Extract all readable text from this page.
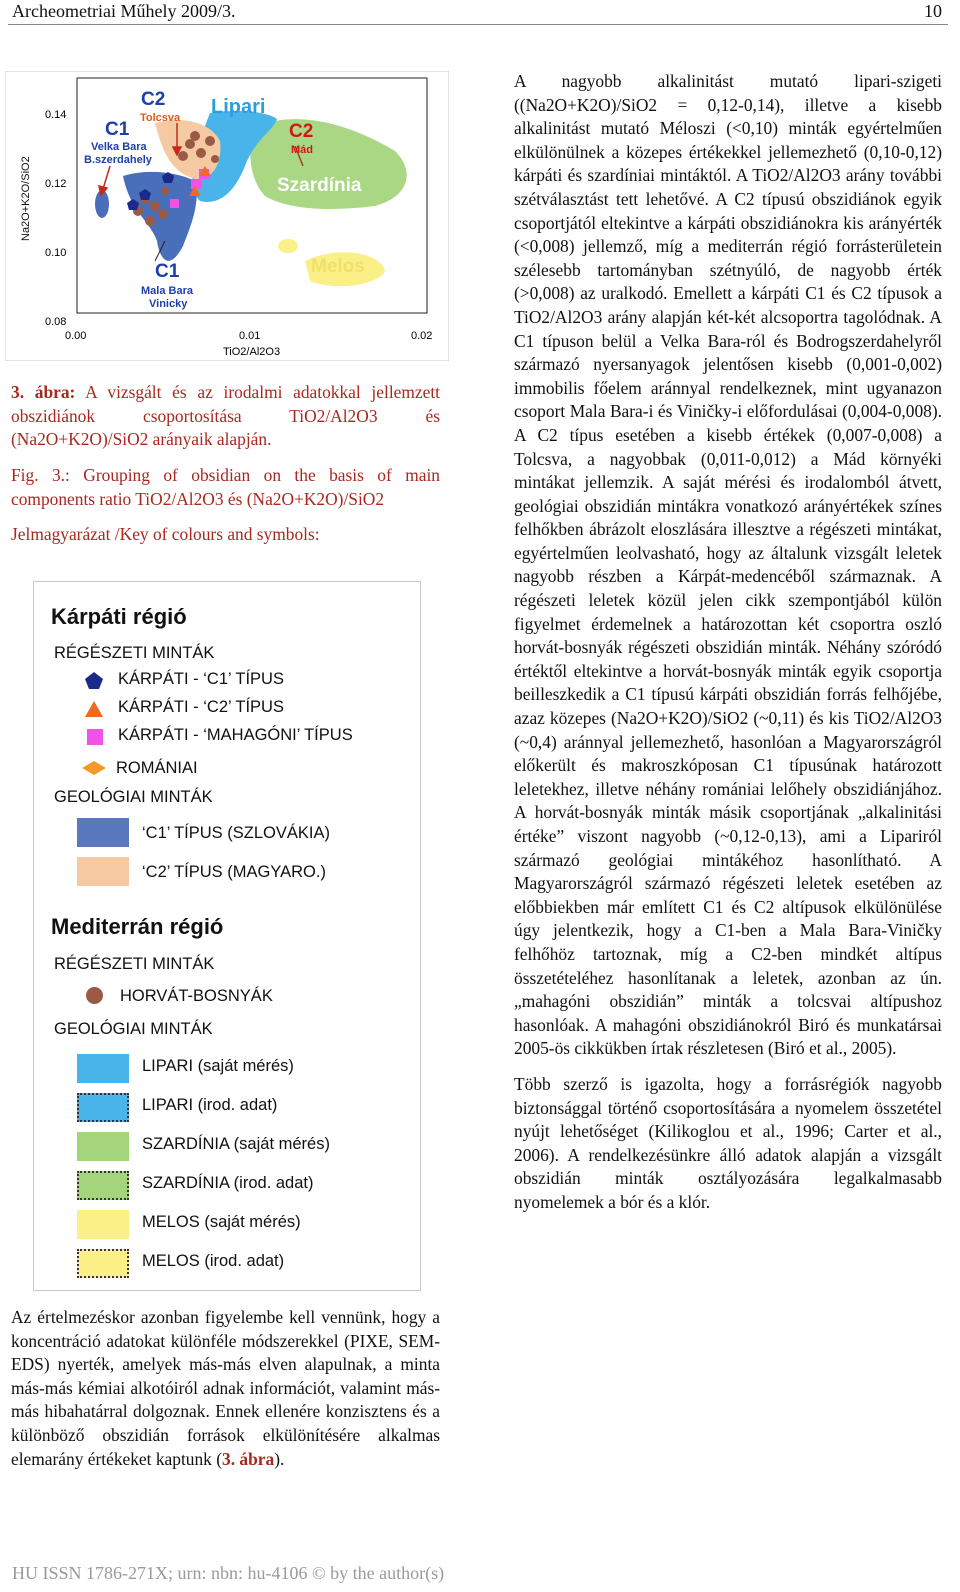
Archeometriai Műhely 2009/3.	10
C2
Tolcsva
C1
Velka Bara
B.szerdahely
Lipari
C2
Mád
Szardínia
C1
Mala Bara
Vinicky
Melos
Na2O+K2O/SiO2
0.14
0.12
0.10
0.08
0.00	0.01	0.02
TiO2/Al2O3

3. ábra: A vizsgált és az irodalmi adatokkal jellemzett obszidiánok csoportosítása TiO2/Al2O3 és (Na2O+K2O)/SiO2 arányaik alapján.

Fig. 3.: Grouping of obsidian on the basis of main components ratio TiO2/Al2O3 és (Na2O+K2O)/SiO2

Jelmagyarázat /Key of colours and symbols:

Kárpáti régió
RÉGÉSZETI MINTÁK
KÁRPÁTI - ‘C1’ TÍPUS
KÁRPÁTI - ‘C2’ TÍPUS
KÁRPÁTI - ‘MAHAGÓNI’ TÍPUS
ROMÁNIAI
GEOLÓGIAI MINTÁK
‘C1’ TÍPUS (SZLOVÁKIA)
‘C2’ TÍPUS (MAGYARO.)
Mediterrán régió
RÉGÉSZETI MINTÁK
HORVÁT-BOSNYÁK
GEOLÓGIAI MINTÁK
LIPARI (saját mérés)
LIPARI (irod. adat)
SZARDÍNIA (saját mérés)
SZARDÍNIA (irod. adat)
MELOS (saját mérés)
MELOS (irod. adat)

Az értelmezéskor azonban figyelembe kell vennünk, hogy a koncentráció adatokat különféle módszerekkel (PIXE, SEM-EDS) nyerték, amelyek más-más elven alapulnak, a minta más-más kémiai alkotóiról adnak információt, valamint más-más hibahatárral dolgoznak. Ennek ellenére konzisztens és a különböző obszidián források elkülönítésére alkalmas elemarány értékeket kaptunk (3. ábra).

A nagyobb alkalinitást mutató lipari-szigeti ((Na2O+K2O)/SiO2 = 0,12-0,14), illetve a kisebb alkalinitást mutató Méloszi (<0,10) minták egyértelműen elkülönülnek a közepes értékekkel jellemezhető (0,10-0,12) kárpáti és szardíniai mintáktól. A TiO2/Al2O3 arány további szétválasztást tett lehetővé. A C2 típusú obszidiánok egyik csoportjától eltekintve a kárpáti obszidiánokra kis arányérték (<0,008) jellemző, míg a mediterrán régió forrásterületein szélesebb tartományban szétnyúló, de nagyobb érték (>0,008) az uralkodó. Emellett a kárpáti C1 és C2 típusok a TiO2/Al2O3 arány alapján két-két alcsoportra tagolódnak. A C1 típuson belül a Velka Bara-ról és Bodrogszerdahelyről származó nyersanyagok jelentősen kisebb (0,001-0,002) immobilis főelem aránnyal rendelkeznek, mint ugyanazon csoport Mala Bara-i és Viničky-i előfordulásai (0,004-0,008). A C2 típus esetében a kisebb értékek (0,007-0,008) a Tolcsva, a nagyobbak (0,011-0,012) a Mád környéki mintákat jellemzik. A saját mérési és irodalomból átvett, geológiai obszidián mintákra vonatkozó arányértékek színes felhőkben ábrázolt eloszlására illesztve a régészeti mintákat, egyértelműen leolvasható, hogy az általunk vizsgált leletek nagyobb részben a Kárpát-medencéből származnak. A régészeti leletek közül jelen cikk szempontjából külön figyelmet érdemelnek a határozottan két csoportra oszló horvát-bosnyák régészeti obszidián minták. Néhány szóródó értéktől eltekintve a horvát-bosnyák minták egyik csoportja beilleszkedik a C1 típusú kárpáti obszidián forrás felhőjébe, azaz közepes (Na2O+K2O)/SiO2 (~0,11) és kis TiO2/Al2O3 (~0,4) aránnyal jellemezhető, hasonlóan a Magyarországról előkerült és makroszkóposan C1 típusúnak határozott leletekhez, illetve néhány romániai lelőhely obszidiánjához. A horvát-bosnyák minták másik csoportjának „alkalinitási értéke” viszont nagyobb (~0,12-0,13), ami a Lipariról származó geológiai mintákéhoz hasonlítható. A Magyarországról származó régészeti leletek esetében az előbbiekben már említett C1 és C2 altípusok elkülönülése úgy jelentkezik, hogy a C1-ben a Mala Bara-Viničky felhőhöz tartoznak, míg a C2-ben mindkét altípus összetételéhez hasonlítanak a leletek, azonban az ún. „mahagóni obszidián” minták a tolcsvai altípushoz hasonlóak. A mahagóni obszidiánokról Biró és munkatársai 2005-ös cikkükben írtak részletesen (Biró et al., 2005).

Több szerző is igazolta, hogy a forrásrégiók nagyobb biztonsággal történő csoportosítására a nyomelem összetétel nyújt lehetőséget (Kilikoglou et al., 1996; Carter et al., 2006). A rendelkezésünkre álló adatok alapján a vizsgált obszidián minták osztályozására legalkalmasabb nyomelemek a bór és a klór.

HU ISSN 1786-271X; urn: nbn: hu-4106 © by the author(s)
